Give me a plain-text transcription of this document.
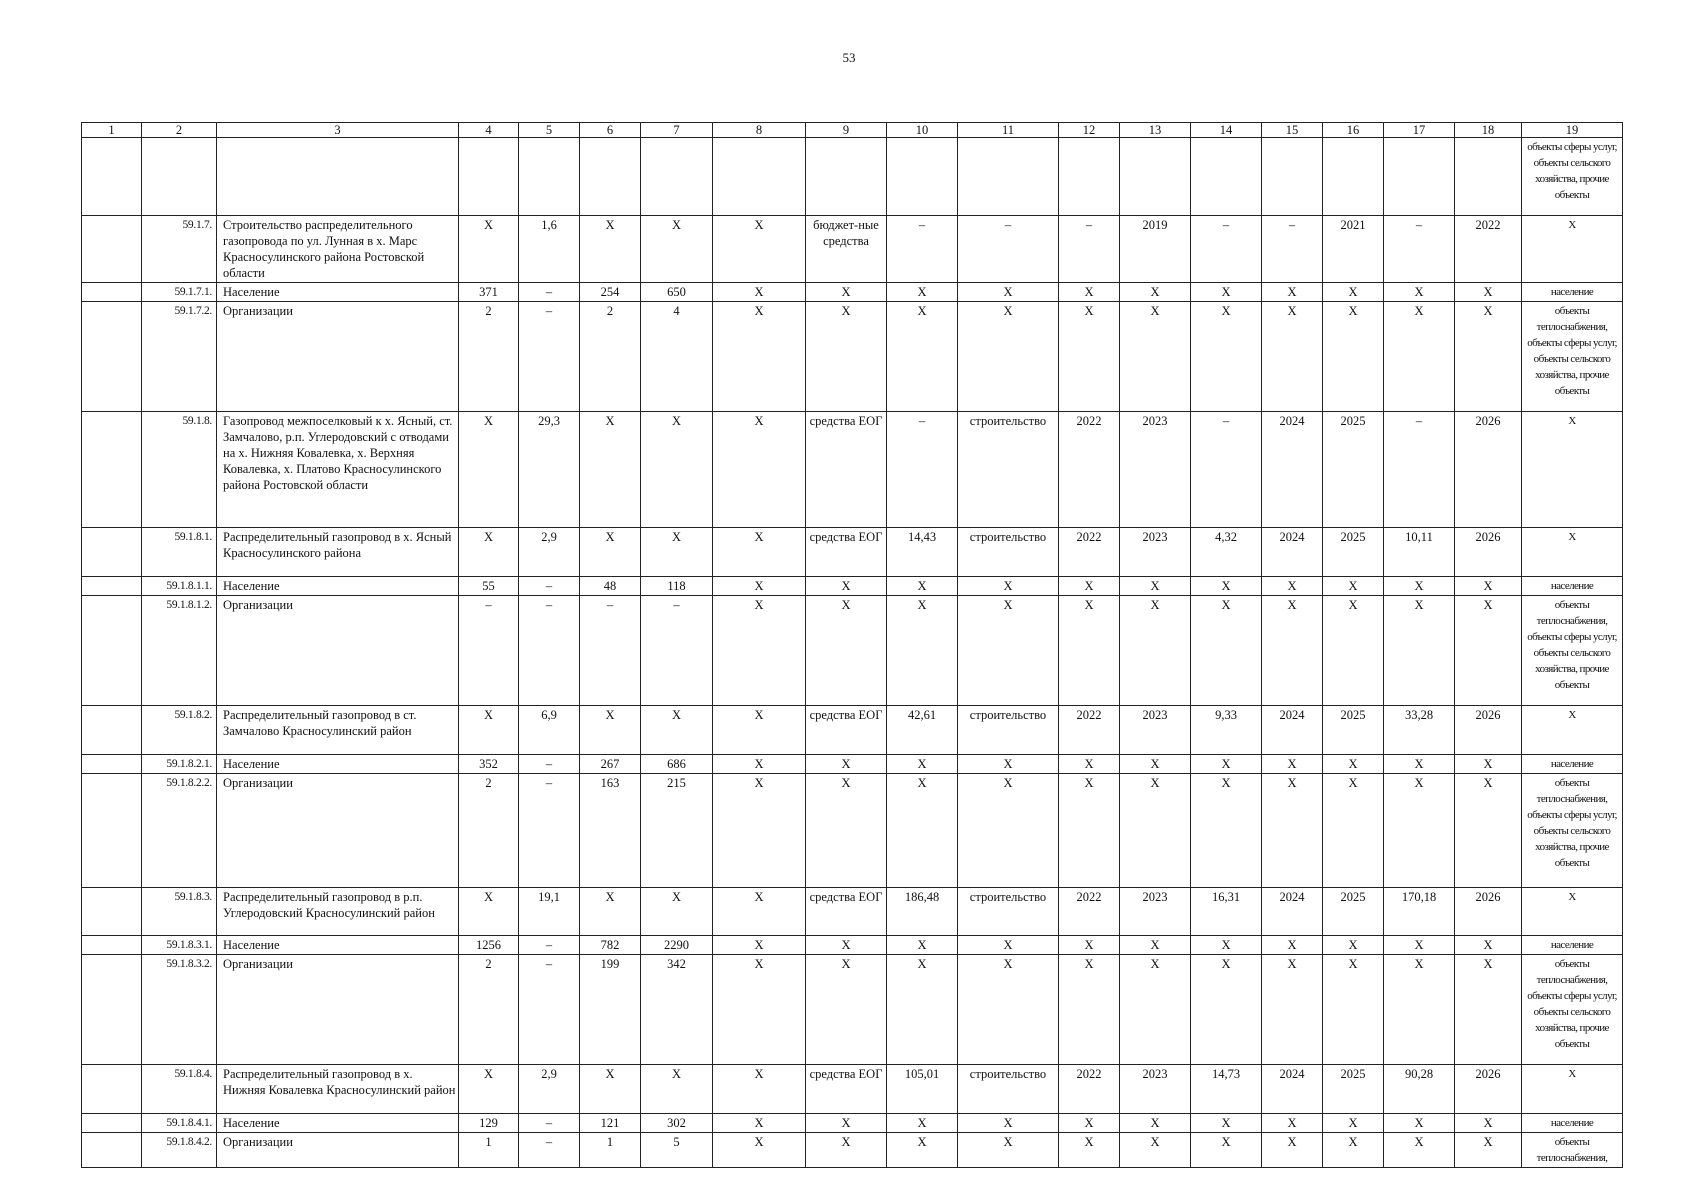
53
1	2	3	4	5	6	7	8	9	10	11	12	13	14	15	16	17	18	19
																		объекты сферы услуг, объекты сельского хозяйства, прочие объекты
	59.1.7.	Строительство распределительного газопровода по ул. Лунная в х. Марс Красносулинского района Ростовской области	Х	1,6	Х	Х	Х	бюджет-ные средства	–	–	–	2019	–	–	2021	–	2022	Х
	59.1.7.1.	Население	371	–	254	650	Х	Х	Х	Х	Х	Х	Х	Х	Х	Х	Х	население
	59.1.7.2.	Организации	2	–	2	4	Х	Х	Х	Х	Х	Х	Х	Х	Х	Х	Х	объекты теплоснабжения, объекты сферы услуг, объекты сельского хозяйства, прочие объекты
	59.1.8.	Газопровод межпоселковый к х. Ясный, ст. Замчалово, р.п. Углеродовский с отводами на х. Нижняя Ковалевка, х. Верхняя Ковалевка, х. Платово Красносулинского района Ростовской области	Х	29,3	Х	Х	Х	средства ЕОГ	–	строительство	2022	2023	–	2024	2025	–	2026	Х
	59.1.8.1.	Распределительный газопровод в х. Ясный Красносулинского района	Х	2,9	Х	Х	Х	средства ЕОГ	14,43	строительство	2022	2023	4,32	2024	2025	10,11	2026	Х
	59.1.8.1.1.	Население	55	–	48	118	Х	Х	Х	Х	Х	Х	Х	Х	Х	Х	Х	население
	59.1.8.1.2.	Организации	–	–	–	–	Х	Х	Х	Х	Х	Х	Х	Х	Х	Х	Х	объекты теплоснабжения, объекты сферы услуг, объекты сельского хозяйства, прочие объекты
	59.1.8.2.	Распределительный газопровод в ст. Замчалово Красносулинский район	Х	6,9	Х	Х	Х	средства ЕОГ	42,61	строительство	2022	2023	9,33	2024	2025	33,28	2026	Х
	59.1.8.2.1.	Население	352	–	267	686	Х	Х	Х	Х	Х	Х	Х	Х	Х	Х	Х	население
	59.1.8.2.2.	Организации	2	–	163	215	Х	Х	Х	Х	Х	Х	Х	Х	Х	Х	Х	объекты теплоснабжения, объекты сферы услуг, объекты сельского хозяйства, прочие объекты
	59.1.8.3.	Распределительный газопровод в р.п. Углеродовский Красносулинский район	Х	19,1	Х	Х	Х	средства ЕОГ	186,48	строительство	2022	2023	16,31	2024	2025	170,18	2026	Х
	59.1.8.3.1.	Население	1256	–	782	2290	Х	Х	Х	Х	Х	Х	Х	Х	Х	Х	Х	население
	59.1.8.3.2.	Организации	2	–	199	342	Х	Х	Х	Х	Х	Х	Х	Х	Х	Х	Х	объекты теплоснабжения, объекты сферы услуг, объекты сельского хозяйства, прочие объекты
	59.1.8.4.	Распределительный газопровод в х. Нижняя Ковалевка Красносулинский район	Х	2,9	Х	Х	Х	средства ЕОГ	105,01	строительство	2022	2023	14,73	2024	2025	90,28	2026	Х
	59.1.8.4.1.	Население	129	–	121	302	Х	Х	Х	Х	Х	Х	Х	Х	Х	Х	Х	население
	59.1.8.4.2.	Организации	1	–	1	5	Х	Х	Х	Х	Х	Х	Х	Х	Х	Х	Х	объекты теплоснабжения,
